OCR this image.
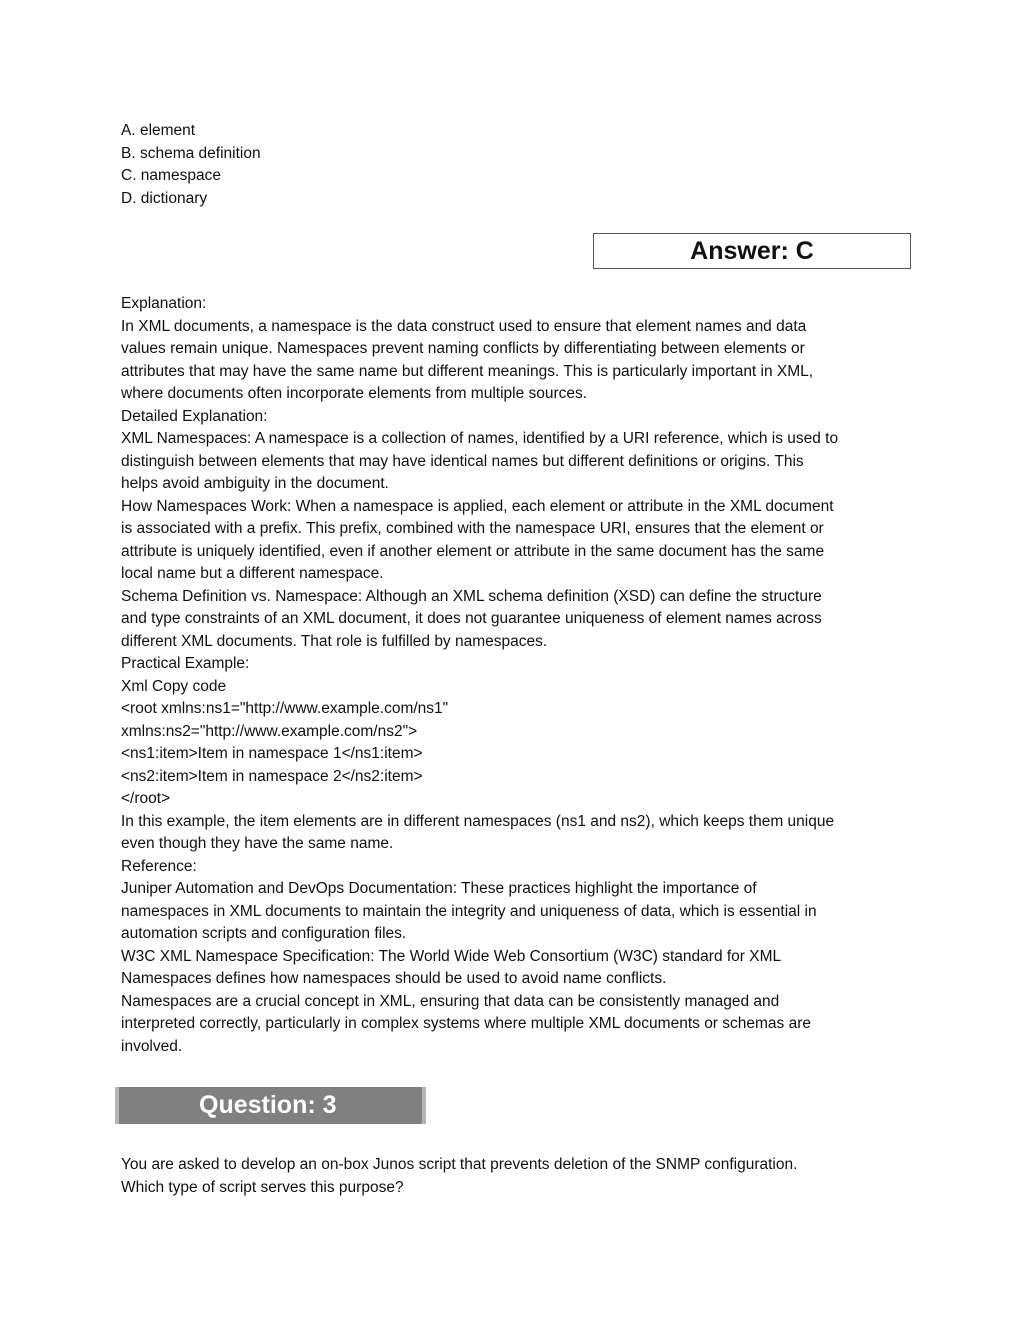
A. element
B. schema definition
C. namespace
D. dictionary
Answer: C
Explanation:
In XML documents, a namespace is the data construct used to ensure that element names and data
values remain unique. Namespaces prevent naming conflicts by differentiating between elements or
attributes that may have the same name but different meanings. This is particularly important in XML,
where documents often incorporate elements from multiple sources.
Detailed Explanation:
XML Namespaces: A namespace is a collection of names, identified by a URI reference, which is used to
distinguish between elements that may have identical names but different definitions or origins. This
helps avoid ambiguity in the document.
How Namespaces Work: When a namespace is applied, each element or attribute in the XML document
is associated with a prefix. This prefix, combined with the namespace URI, ensures that the element or
attribute is uniquely identified, even if another element or attribute in the same document has the same
local name but a different namespace.
Schema Definition vs. Namespace: Although an XML schema definition (XSD) can define the structure
and type constraints of an XML document, it does not guarantee uniqueness of element names across
different XML documents. That role is fulfilled by namespaces.
Practical Example:
Xml Copy code
<root xmlns:ns1="http://www.example.com/ns1"
xmlns:ns2="http://www.example.com/ns2">
<ns1:item>Item in namespace 1</ns1:item>
<ns2:item>Item in namespace 2</ns2:item>
</root>
In this example, the item elements are in different namespaces (ns1 and ns2), which keeps them unique
even though they have the same name.
Reference:
Juniper Automation and DevOps Documentation: These practices highlight the importance of
namespaces in XML documents to maintain the integrity and uniqueness of data, which is essential in
automation scripts and configuration files.
W3C XML Namespace Specification: The World Wide Web Consortium (W3C) standard for XML
Namespaces defines how namespaces should be used to avoid name conflicts.
Namespaces are a crucial concept in XML, ensuring that data can be consistently managed and
interpreted correctly, particularly in complex systems where multiple XML documents or schemas are
involved.
Question: 3
You are asked to develop an on-box Junos script that prevents deletion of the SNMP configuration.
Which type of script serves this purpose?
